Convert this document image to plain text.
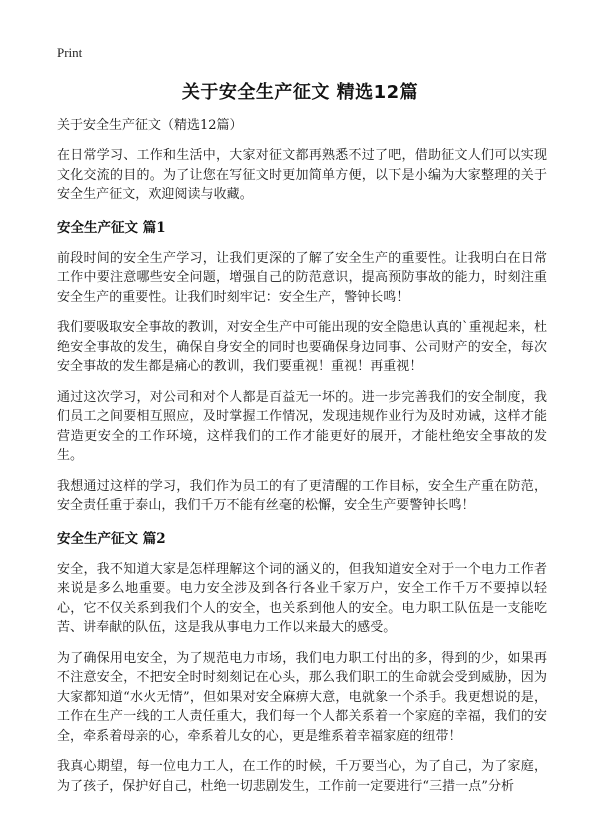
Print
关于安全生产征文 精选12篇
关于安全生产征文（精选12篇）

在日常学习、工作和生活中，大家对征文都再熟悉不过了吧，借助征文人们可以实现文化交流的目的。为了让您在写征文时更加简单方便，以下是小编为大家整理的关于安全生产征文，欢迎阅读与收藏。

安全生产征文 篇1

前段时间的安全生产学习，让我们更深的了解了安全生产的重要性。让我明白在日常工作中要注意哪些安全问题，增强自己的防范意识，提高预防事故的能力，时刻注重安全生产的重要性。让我们时刻牢记：安全生产，警钟长鸣！

我们要吸取安全事故的教训，对安全生产中可能出现的安全隐患认真的`重视起来，杜绝安全事故的发生，确保自身安全的同时也要确保身边同事、公司财产的安全，每次安全事故的发生都是痛心的教训，我们要重视！重视！再重视！

通过这次学习，对公司和对个人都是百益无一坏的。进一步完善我们的安全制度，我们员工之间要相互照应，及时掌握工作情况，发现违规作业行为及时劝诫，这样才能营造更安全的工作环境，这样我们的工作才能更好的展开，才能杜绝安全事故的发生。

我想通过这样的学习，我们作为员工的有了更清醒的工作目标，安全生产重在防范，安全责任重于泰山，我们千万不能有丝毫的松懈，安全生产要警钟长鸣！

安全生产征文 篇2

安全，我不知道大家是怎样理解这个词的涵义的，但我知道安全对于一个电力工作者来说是多么地重要。电力安全涉及到各行各业千家万户，安全工作千万不要掉以轻心，它不仅关系到我们个人的安全，也关系到他人的安全。电力职工队伍是一支能吃苦、讲奉献的队伍，这是我从事电力工作以来最大的感受。

为了确保用电安全，为了规范电力市场，我们电力职工付出的多，得到的少，如果再不注意安全，不把安全时时刻刻记在心头，那么我们职工的生命就会受到威胁，因为大家都知道“水火无情”，但如果对安全麻痹大意，电就象一个杀手。我更想说的是，工作在生产一线的工人责任重大，我们每一个人都关系着一个家庭的幸福，我们的安全，牵系着母亲的心，牵系着儿女的心，更是维系着幸福家庭的纽带！

我真心期望，每一位电力工人，在工作的时候，千万要当心，为了自己，为了家庭，为了孩子，保护好自己，杜绝一切悲剧发生，工作前一定要进行“三措一点”分析
